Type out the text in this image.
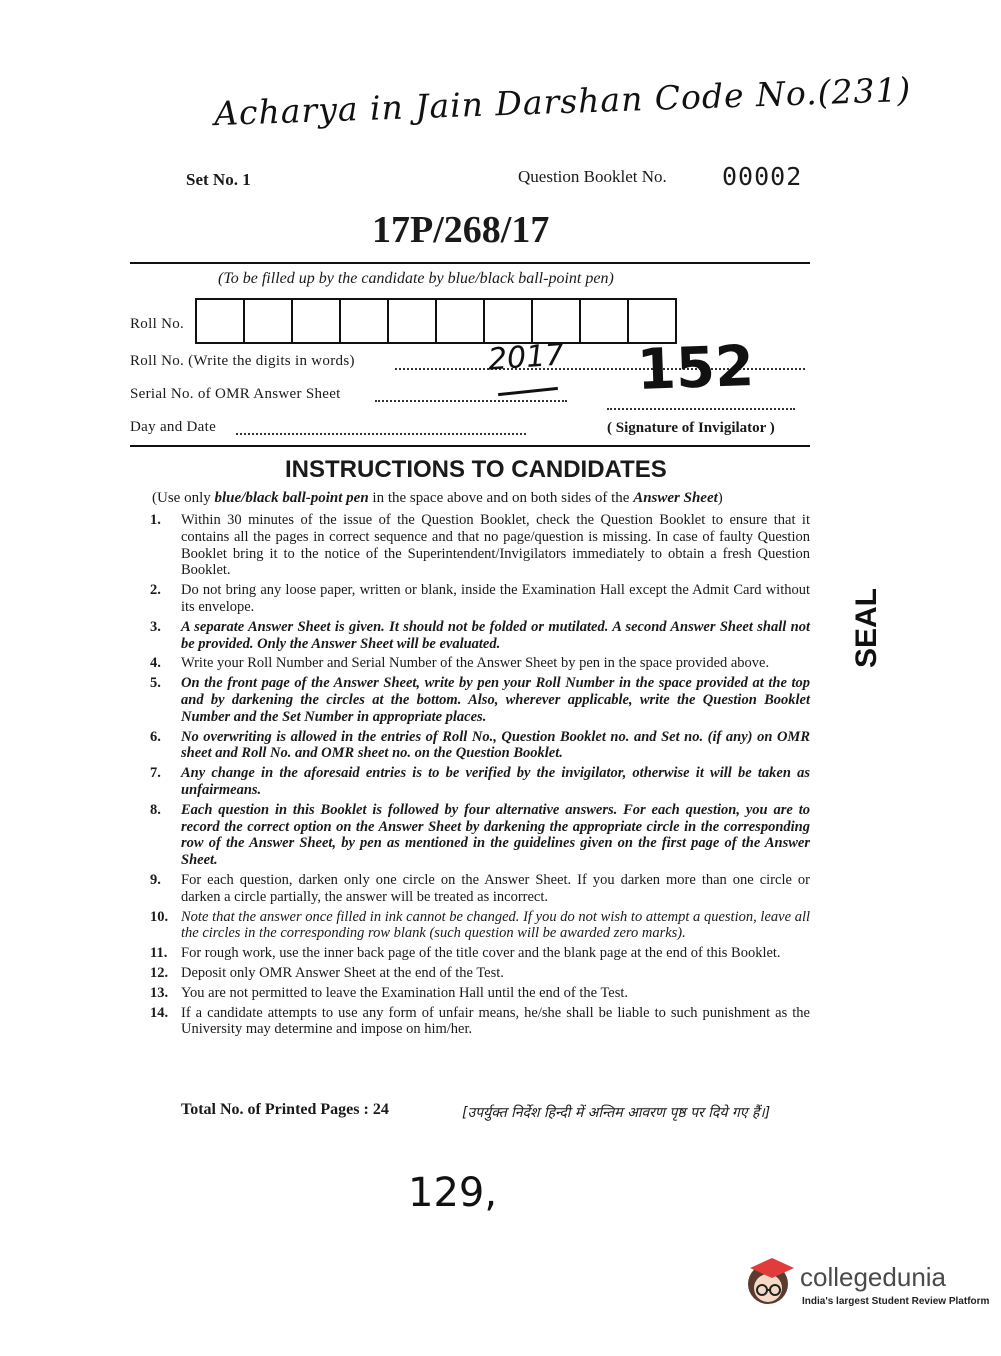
Acharya in Jain Darshan Code No.(231)
Set No. 1	Question Booklet No. 00002
17P/268/17
(To be filled up by the candidate by blue/black ball-point pen)
Roll No.
Roll No. (Write the digits in words)	2017 152
Serial No. of OMR Answer Sheet
Day and Date	( Signature of Invigilator )
INSTRUCTIONS TO CANDIDATES
(Use only blue/black ball-point pen in the space above and on both sides of the Answer Sheet)
1. Within 30 minutes of the issue of the Question Booklet, check the Question Booklet to ensure that it contains all the pages in correct sequence and that no page/question is missing. In case of faulty Question Booklet bring it to the notice of the Superintendent/Invigilators immediately to obtain a fresh Question Booklet.
2. Do not bring any loose paper, written or blank, inside the Examination Hall except the Admit Card without its envelope.
3. A separate Answer Sheet is given. It should not be folded or mutilated. A second Answer Sheet shall not be provided. Only the Answer Sheet will be evaluated.
4. Write your Roll Number and Serial Number of the Answer Sheet by pen in the space provided above.
5. On the front page of the Answer Sheet, write by pen your Roll Number in the space provided at the top and by darkening the circles at the bottom. Also, wherever applicable, write the Question Booklet Number and the Set Number in appropriate places.
6. No overwriting is allowed in the entries of Roll No., Question Booklet no. and Set no. (if any) on OMR sheet and Roll No. and OMR sheet no. on the Question Booklet.
7. Any change in the aforesaid entries is to be verified by the invigilator, otherwise it will be taken as unfairmeans.
8. Each question in this Booklet is followed by four alternative answers. For each question, you are to record the correct option on the Answer Sheet by darkening the appropriate circle in the corresponding row of the Answer Sheet, by pen as mentioned in the guidelines given on the first page of the Answer Sheet.
9. For each question, darken only one circle on the Answer Sheet. If you darken more than one circle or darken a circle partially, the answer will be treated as incorrect.
10. Note that the answer once filled in ink cannot be changed. If you do not wish to attempt a question, leave all the circles in the corresponding row blank (such question will be awarded zero marks).
11. For rough work, use the inner back page of the title cover and the blank page at the end of this Booklet.
12. Deposit only OMR Answer Sheet at the end of the Test.
13. You are not permitted to leave the Examination Hall until the end of the Test.
14. If a candidate attempts to use any form of unfair means, he/she shall be liable to such punishment as the University may determine and impose on him/her.
Total No. of Printed Pages : 24	[उपर्युक्त निर्देश हिन्दी में अन्तिम आवरण पृष्ठ पर दिये गए हैं।]
129,
SEAL
collegedunia
India's largest Student Review Platform
